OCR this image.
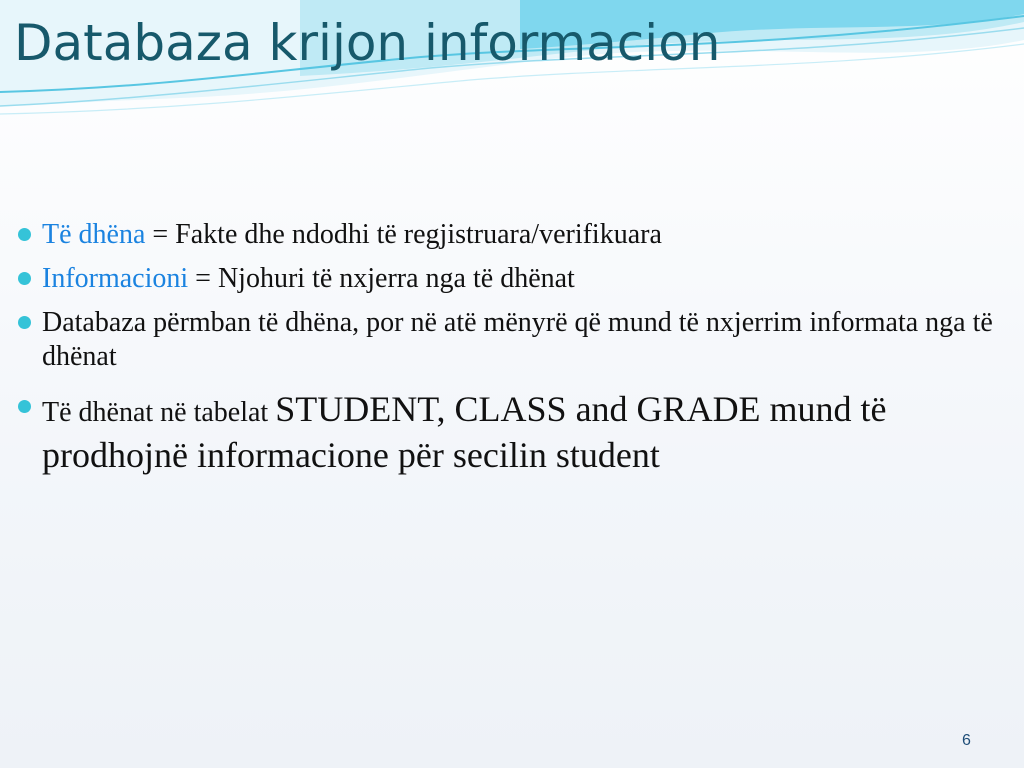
Databaza krijon informacion
Të dhëna = Fakte dhe ndodhi të regjistruara/verifikuara
Informacioni = Njohuri të nxjerra nga të dhënat
Databaza përmban të dhëna, por në atë mënyrë që mund të nxjerrim informata nga të dhënat
Të dhënat në tabelat STUDENT, CLASS and GRADE mund të prodhojnë informacione për secilin student
6
